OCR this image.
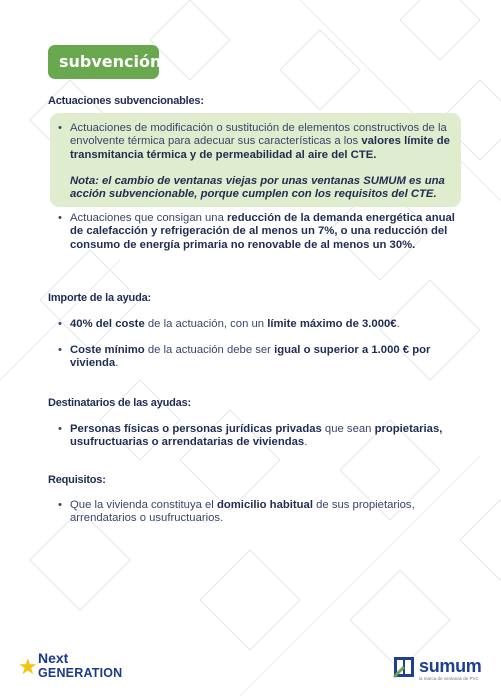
subvención
Actuaciones subvencionables:
• Actuaciones de modificación o sustitución de elementos constructivos de la envolvente térmica para adecuar sus características a los valores límite de transmitancia térmica y de permeabilidad al aire del CTE.
Nota: el cambio de ventanas viejas por unas ventanas SUMUM es una acción subvencionable, porque cumplen con los requisitos del CTE.
• Actuaciones que consigan una reducción de la demanda energética anual de calefacción y refrigeración de al menos un 7%, o una reducción del consumo de energía primaria no renovable de al menos un 30%.
Importe de la ayuda:
• 40% del coste de la actuación, con un límite máximo de 3.000€.
• Coste mínimo de la actuación debe ser igual o superior a 1.000 € por vivienda.
Destinatarios de las ayudas:
• Personas físicas o personas jurídicas privadas que sean propietarias, usufructuarias o arrendatarias de viviendas.
Requisitos:
• Que la vivienda constituya el domicilio habitual de sus propietarios, arrendatarios o usufructuarios.
★ Next
GENERATION	sumum
la marca de ventanas de PVC
